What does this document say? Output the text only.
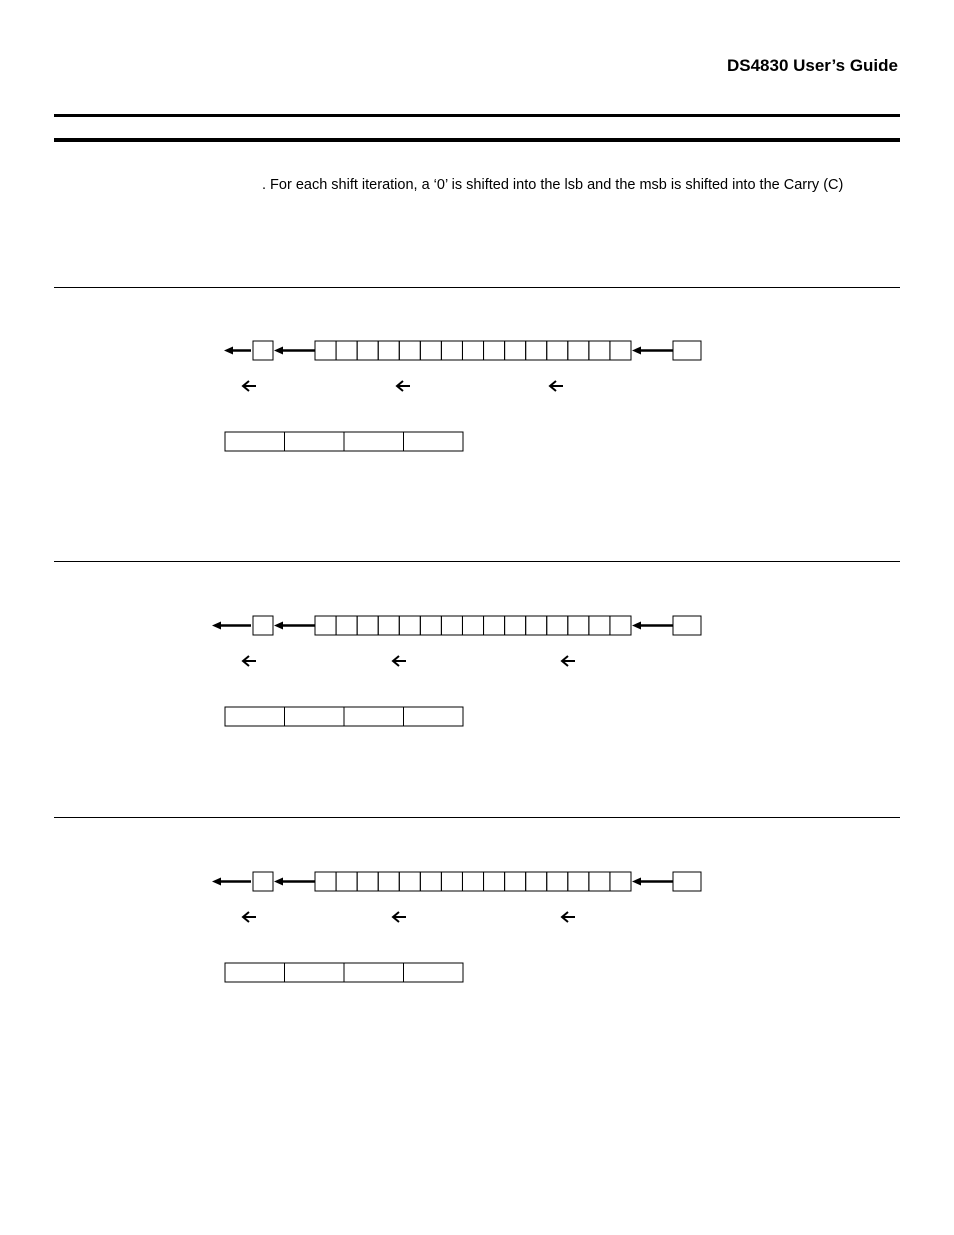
DS4830 User’s Guide
. For each shift iteration, a ‘0’ is shifted into the lsb and the msb is shifted into the Carry (C)
